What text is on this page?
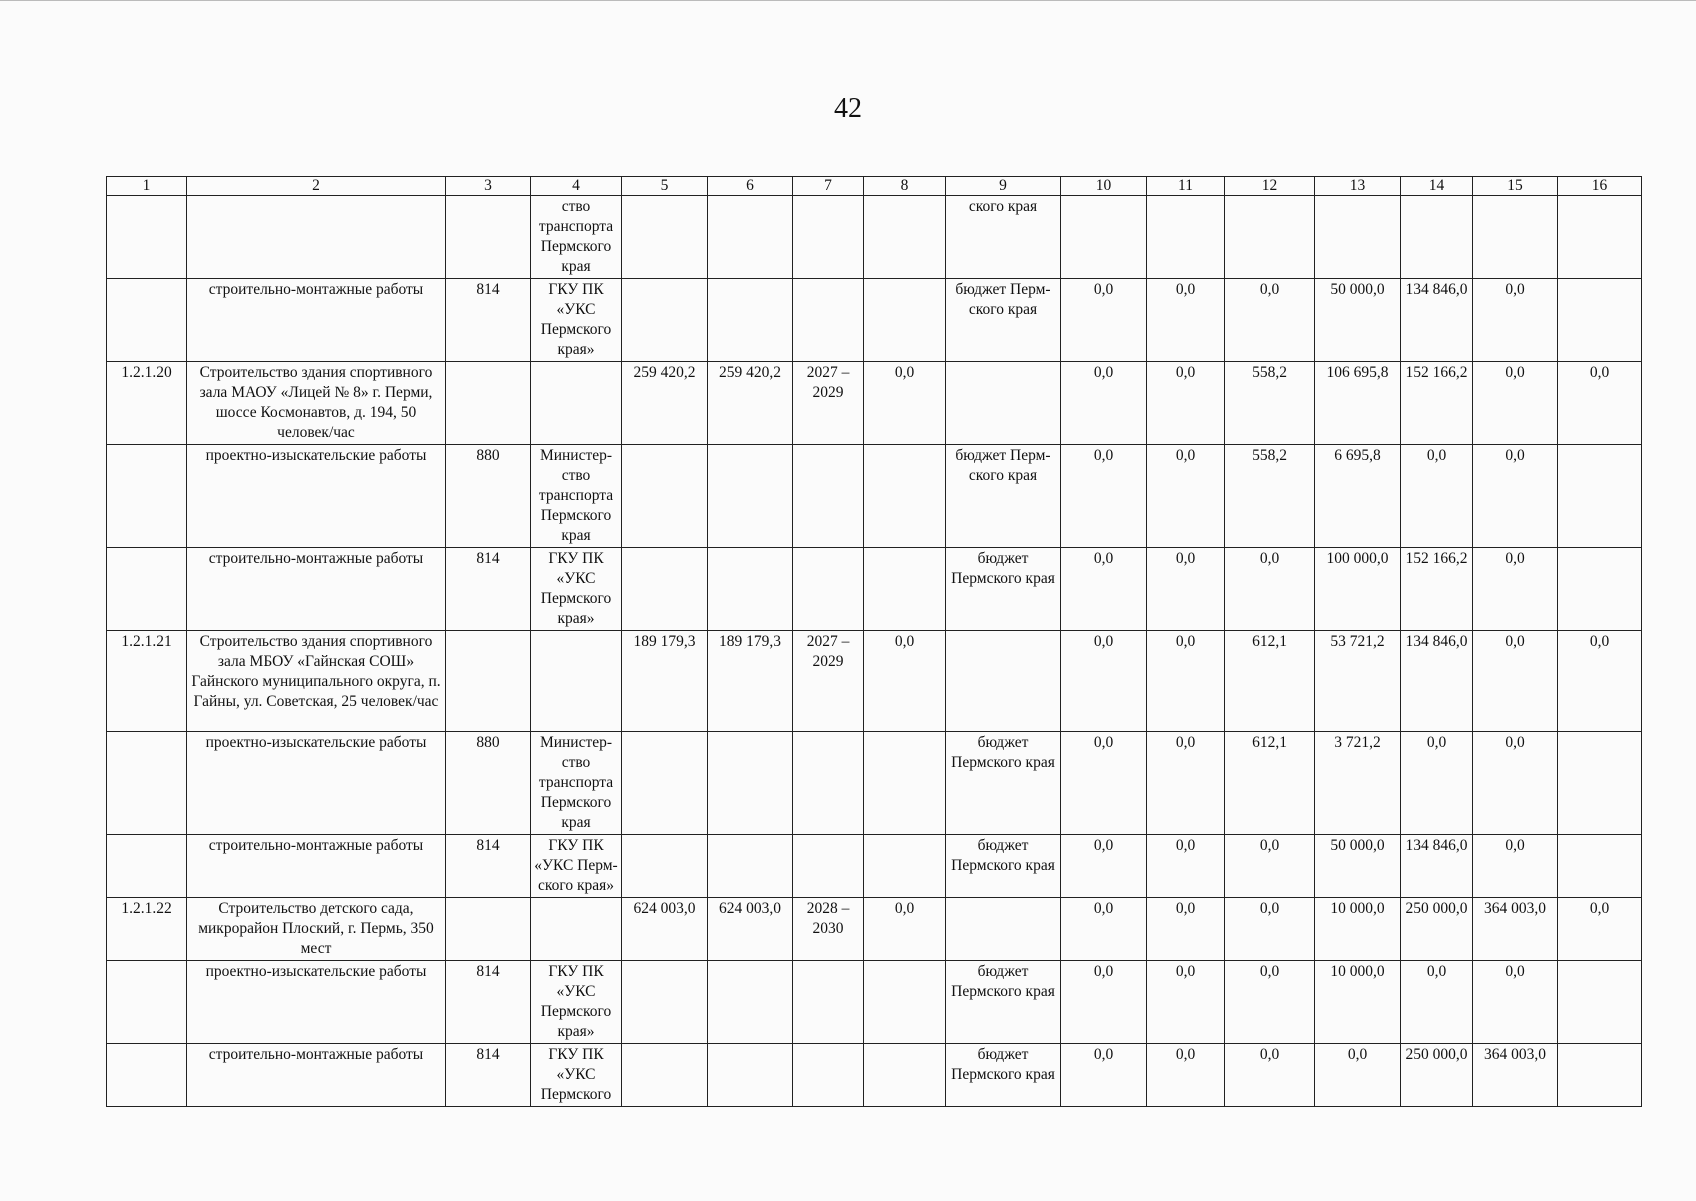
42
1	2	3	4	5	6	7	8	9	10	11	12	13	14	15	16
			ство транспорта Пермского края					ского края							
	строительно-монтажные работы	814	ГКУ ПК «УКС Пермского края»					бюджет Перм-ского края	0,0	0,0	0,0	50 000,0	134 846,0	0,0	
1.2.1.20	Строительство здания спортивного зала МАОУ «Лицей № 8» г. Перми, шоссе Космонавтов, д. 194, 50 человек/час			259 420,2	259 420,2	2027 – 2029	0,0		0,0	0,0	558,2	106 695,8	152 166,2	0,0	0,0
	проектно-изыскательские работы	880	Министер-ство транспорта Пермского края					бюджет Перм-ского края	0,0	0,0	558,2	6 695,8	0,0	0,0	
	строительно-монтажные работы	814	ГКУ ПК «УКС Пермского края»					бюджет Пермского края	0,0	0,0	0,0	100 000,0	152 166,2	0,0	
1.2.1.21	Строительство здания спортивного зала МБОУ «Гайнская СОШ» Гайнского муниципального округа, п. Гайны, ул. Советская, 25 человек/час			189 179,3	189 179,3	2027 – 2029	0,0		0,0	0,0	612,1	53 721,2	134 846,0	0,0	0,0
	проектно-изыскательские работы	880	Министер-ство транспорта Пермского края					бюджет Пермского края	0,0	0,0	612,1	3 721,2	0,0	0,0	
	строительно-монтажные работы	814	ГКУ ПК «УКС Перм-ского края»					бюджет Пермского края	0,0	0,0	0,0	50 000,0	134 846,0	0,0	
1.2.1.22	Строительство детского сада, микрорайон Плоский, г. Пермь, 350 мест			624 003,0	624 003,0	2028 – 2030	0,0		0,0	0,0	0,0	10 000,0	250 000,0	364 003,0	0,0
	проектно-изыскательские работы	814	ГКУ ПК «УКС Пермского края»					бюджет Пермского края	0,0	0,0	0,0	10 000,0	0,0	0,0	
	строительно-монтажные работы	814	ГКУ ПК «УКС Пермского					бюджет Пермского края	0,0	0,0	0,0	0,0	250 000,0	364 003,0	
